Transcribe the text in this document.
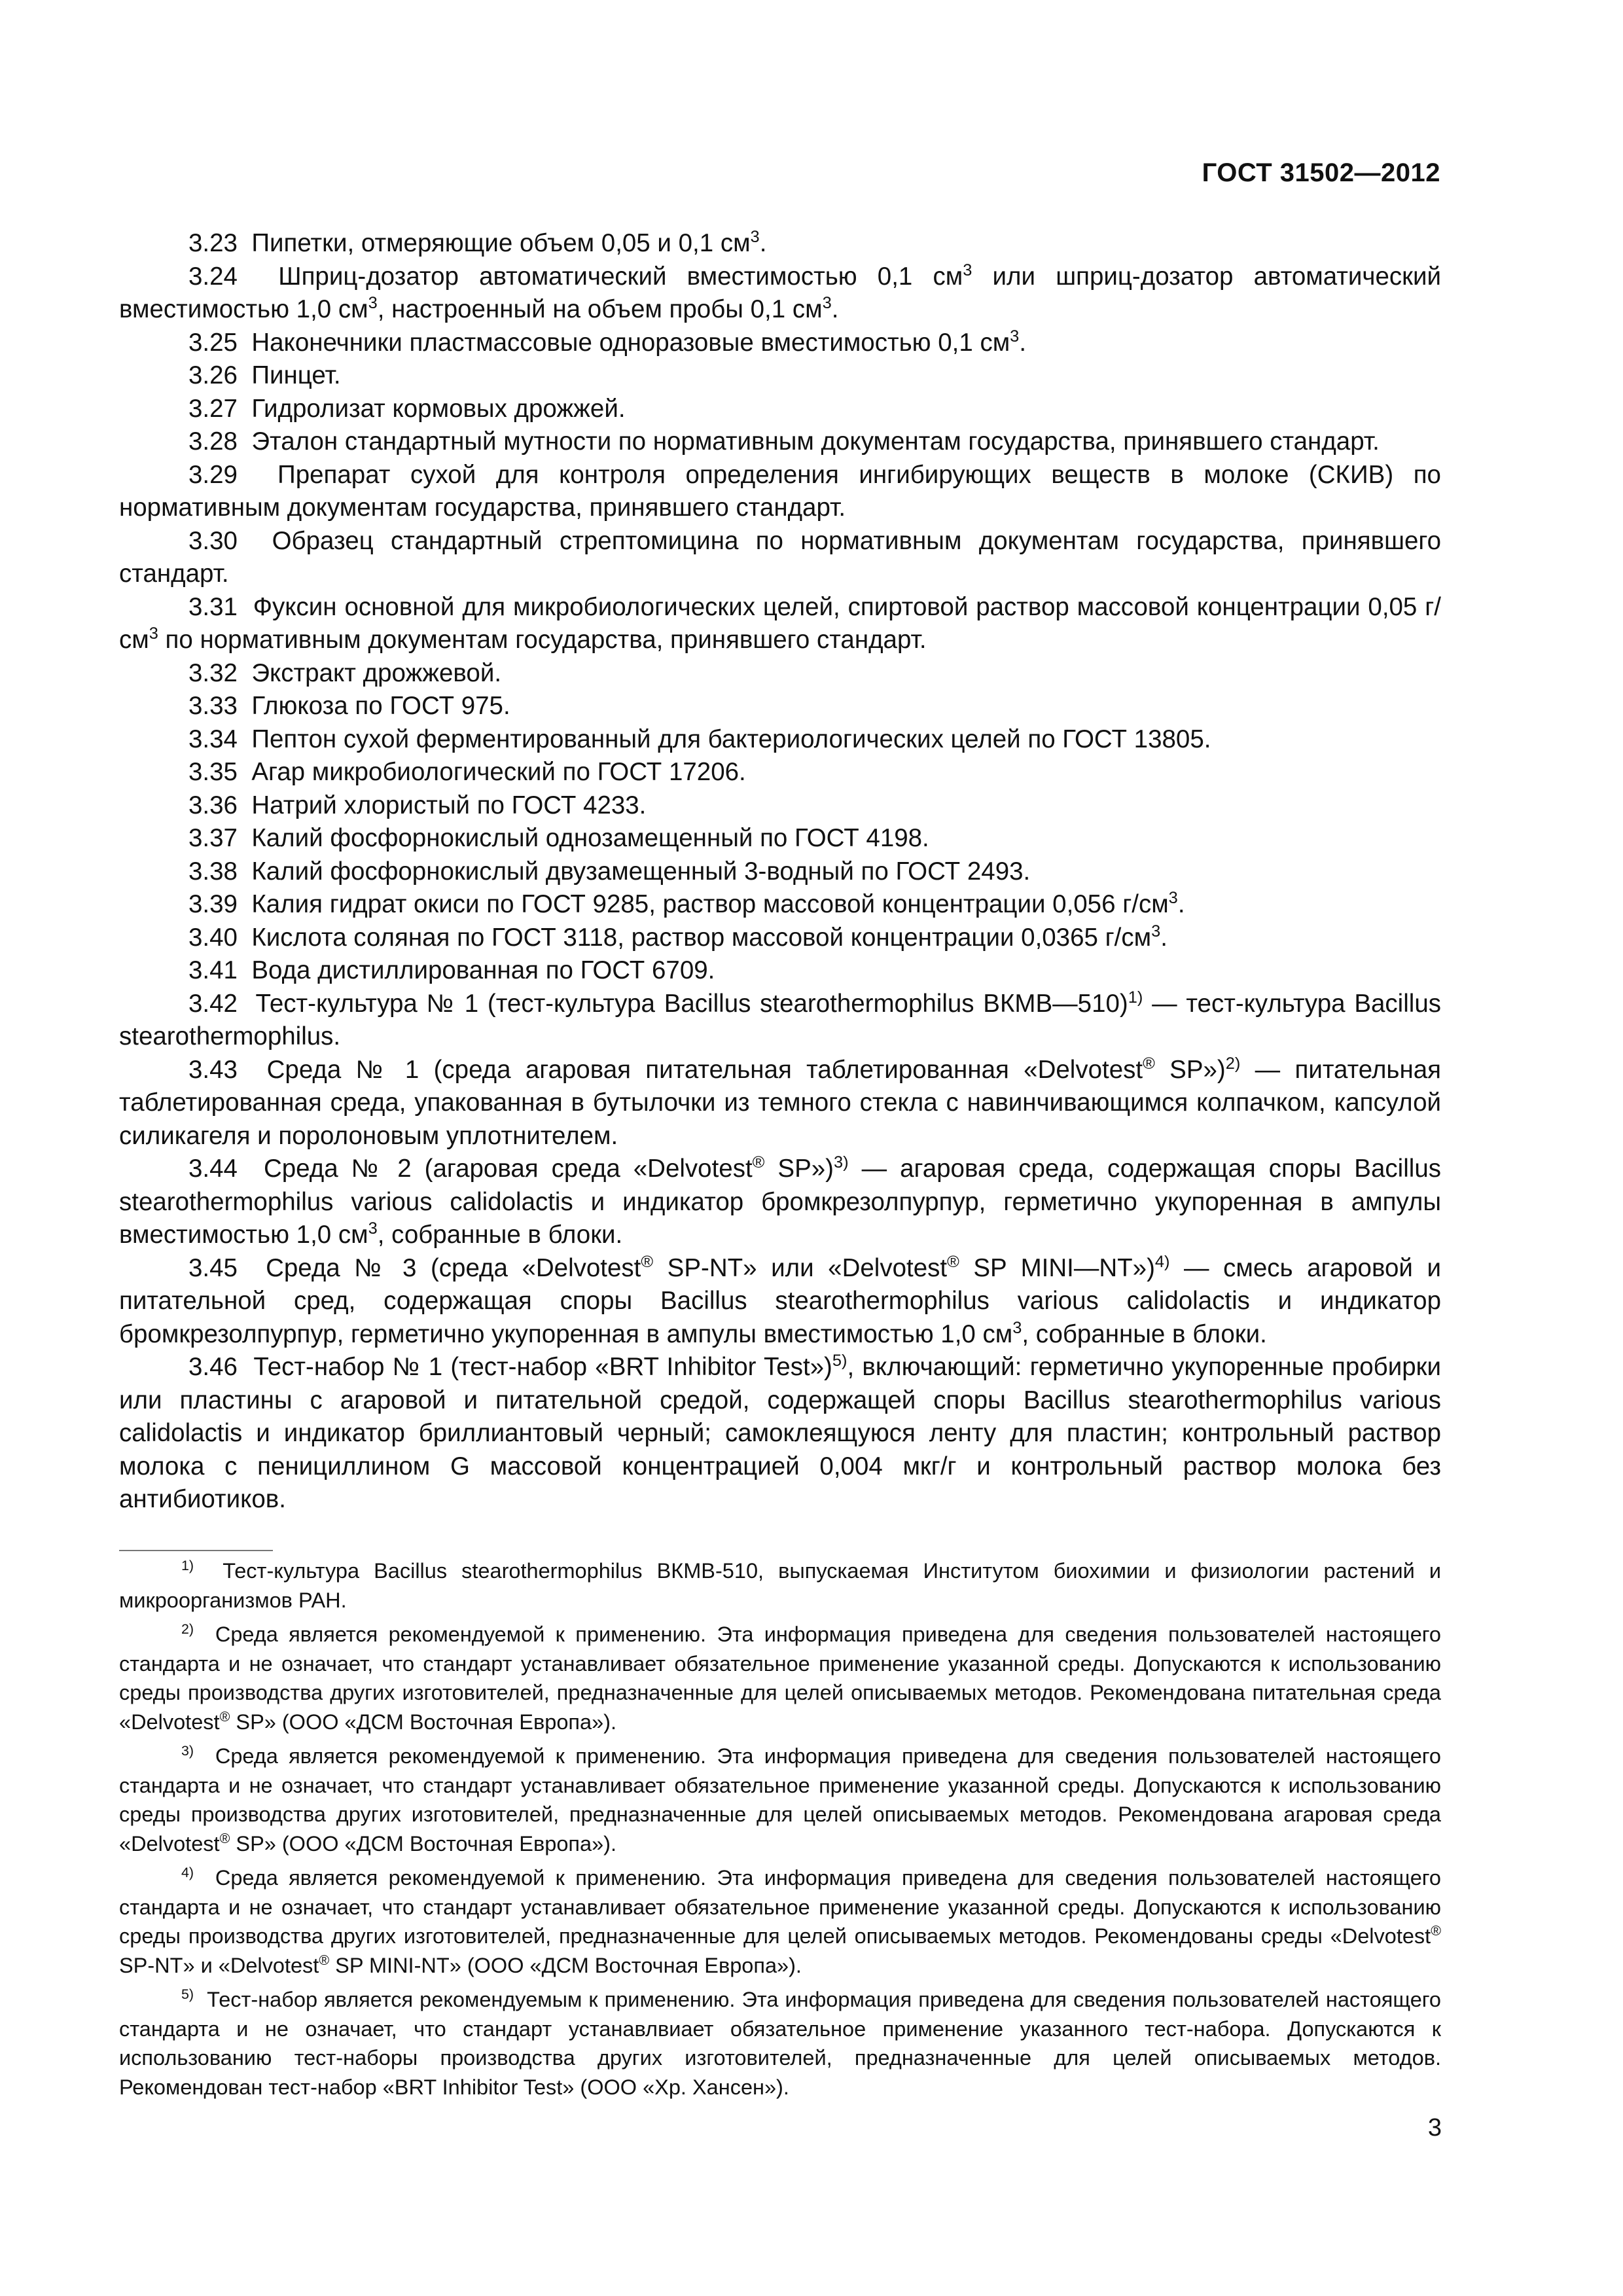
ГОСТ 31502—2012

3.23 Пипетки, отмеряющие объем 0,05 и 0,1 $см^3$.

3.24 Шприц-дозатор автоматический вместимостью 0,1 $см^3$ или шприц-дозатор автоматический вместимостью 1,0 $см^3$, настроенный на объем пробы 0,1 $см^3$.

3.25 Наконечники пластмассовые одноразовые вместимостью 0,1 $см^3$.

3.26 Пинцет.

3.27 Гидролизат кормовых дрожжей.

3.28 Эталон стандартный мутности по нормативным документам государства, принявшего стандарт.

3.29 Препарат сухой для контроля определения ингибирующих веществ в молоке (СКИВ) по нормативным документам государства, принявшего стандарт.

3.30 Образец стандартный стрептомицина по нормативным документам государства, принявшего стандарт.

3.31 Фуксин основной для микробиологических целей, спиртовой раствор массовой концентрации 0,05 $г/см^3$ по нормативным документам государства, принявшего стандарт.

3.32 Экстракт дрожжевой.

3.33 Глюкоза по ГОСТ 975.

3.34 Пептон сухой ферментированный для бактериологических целей по ГОСТ 13805.

3.35 Агар микробиологический по ГОСТ 17206.

3.36 Натрий хлористый по ГОСТ 4233.

3.37 Калий фосфорнокислый однозамещенный по ГОСТ 4198.

3.38 Калий фосфорнокислый двузамещенный 3-водный по ГОСТ 2493.

3.39 Калия гидрат окиси по ГОСТ 9285, раствор массовой концентрации 0,056 $г/см^3$.

3.40 Кислота соляная по ГОСТ 3118, раствор массовой концентрации 0,0365 $г/см^3$.

3.41 Вода дистиллированная по ГОСТ 6709.

3.42 Тест-культура № 1 (тест-культура Bacillus stearothermophilus ВКМВ—510)$^{1)}$ — тест-культура Bacillus stearothermophilus.

3.43 Среда № 1 (среда агаровая питательная таблетированная «Delvotest® SP»)$^{2)}$ — питательная таблетированная среда, упакованная в бутылочки из темного стекла с навинчивающимся колпачком, капсулой силикагеля и поролоновым уплотнителем.

3.44 Среда № 2 (агаровая среда «Delvotest® SP»)$^{3)}$ — агаровая среда, содержащая споры Bacillus stearothermophilus various calidolactis и индикатор бромкрезолпурпур, герметично укупоренная в ампулы вместимостью 1,0 $см^3$, собранные в блоки.

3.45 Среда № 3 (среда «Delvotest® SP-NT» или «Delvotest® SP MINI—NT»)$^{4)}$ — смесь агаровой и питательной сред, содержащая споры Bacillus stearothermophilus various calidolactis и индикатор бромкрезолпурпур, герметично укупоренная в ампулы вместимостью 1,0 $см^3$, собранные в блоки.

3.46 Тест-набор № 1 (тест-набор «BRT Inhibitor Test»)$^{5)}$, включающий: герметично укупоренные пробирки или пластины с агаровой и питательной средой, содержащей споры Bacillus stearothermophilus various calidolactis и индикатор бриллиантовый черный; самоклеящуюся ленту для пластин; контрольный раствор молока с пенициллином G массовой концентрацией 0,004 мкг/г и контрольный раствор молока без антибиотиков.

$^{1)}$ Тест-культура Bacillus stearothermophilus ВКМВ-510, выпускаемая Институтом биохимии и физиологии растений и микроорганизмов РАН.

$^{2)}$ Среда является рекомендуемой к применению. Эта информация приведена для сведения пользователей настоящего стандарта и не означает, что стандарт устанавливает обязательное применение указанной среды. Допускаются к использованию среды производства других изготовителей, предназначенные для целей описываемых методов. Рекомендована питательная среда «Delvotest® SP» (ООО «ДСМ Восточная Европа»).

$^{3)}$ Среда является рекомендуемой к применению. Эта информация приведена для сведения пользователей настоящего стандарта и не означает, что стандарт устанавливает обязательное применение указанной среды. Допускаются к использованию среды производства других изготовителей, предназначенные для целей описываемых методов. Рекомендована агаровая среда «Delvotest® SP» (ООО «ДСМ Восточная Европа»).

$^{4)}$ Среда является рекомендуемой к применению. Эта информация приведена для сведения пользователей настоящего стандарта и не означает, что стандарт устанавливает обязательное применение указанной среды. Допускаются к использованию среды производства других изготовителей, предназначенные для целей описываемых методов. Рекомендованы среды «Delvotest® SP-NT» и «Delvotest® SP MINI-NT» (ООО «ДСМ Восточная Европа»).

$^{5)}$ Тест-набор является рекомендуемым к применению. Эта информация приведена для сведения пользователей настоящего стандарта и не означает, что стандарт устанавлвиает обязательное применение указанного тест-набора. Допускаются к использованию тест-наборы производства других изготовителей, предназначенные для целей описываемых методов. Рекомендован тест-набор «BRT Inhibitor Test» (ООО «Хр. Хансен»).

3
